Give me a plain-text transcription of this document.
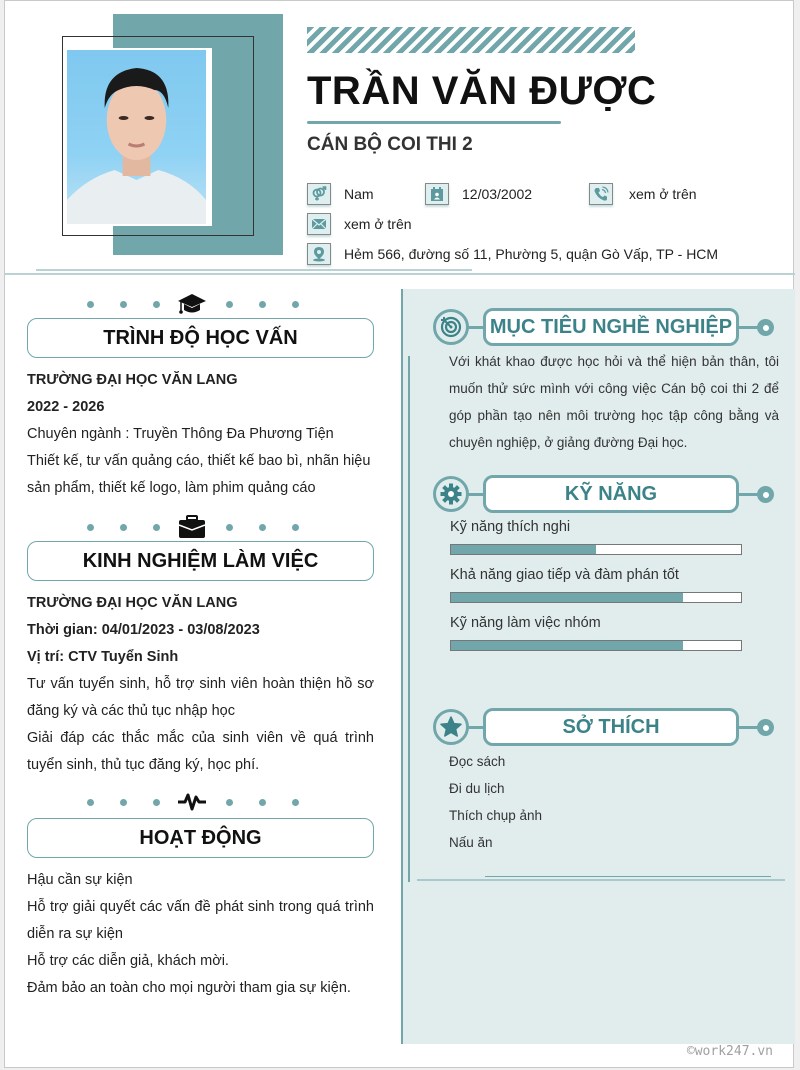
TRẦN VĂN ĐƯỢC
CÁN BỘ COI THI 2
Nam	12/03/2002	xem ở trên
xem ở trên
Hẻm 566, đường số 11, Phường 5, quận Gò Vấp, TP - HCM
TRÌNH ĐỘ HỌC VẤN
TRƯỜNG ĐẠI HỌC VĂN LANG
2022 - 2026
Chuyên ngành : Truyền Thông Đa Phương Tiện
Thiết kế, tư vấn quảng cáo, thiết kế bao bì, nhãn hiệu
sản phẩm, thiết kế logo, làm phim quảng cáo
KINH NGHIỆM LÀM VIỆC
TRƯỜNG ĐẠI HỌC VĂN LANG
Thời gian: 04/01/2023 - 03/08/2023
Vị trí: CTV Tuyển Sinh
Tư vấn tuyển sinh, hỗ trợ sinh viên hoàn thiện hồ sơ đăng ký và các thủ tục nhập học
Giải đáp các thắc mắc của sinh viên về quá trình tuyển sinh, thủ tục đăng ký, học phí.
HOẠT ĐỘNG
Hậu cần sự kiện
Hỗ trợ giải quyết các vấn đề phát sinh trong quá trình diễn ra sự kiện
Hỗ trợ các diễn giả, khách mời.
Đảm bảo an toàn cho mọi người tham gia sự kiện.
MỤC TIÊU NGHỀ NGHIỆP
Với khát khao được học hỏi và thể hiện bản thân, tôi muốn thử sức mình với công việc Cán bộ coi thi 2 để góp phần tạo nên môi trường học tập công bằng và chuyên nghiệp, ở giảng đường Đại học.
KỸ NĂNG
Kỹ năng thích nghi
Khả năng giao tiếp và đàm phán tốt
Kỹ năng làm việc nhóm
SỞ THÍCH
Đọc sách
Đi du lịch
Thích chụp ảnh
Nấu ăn
©work247.vn
